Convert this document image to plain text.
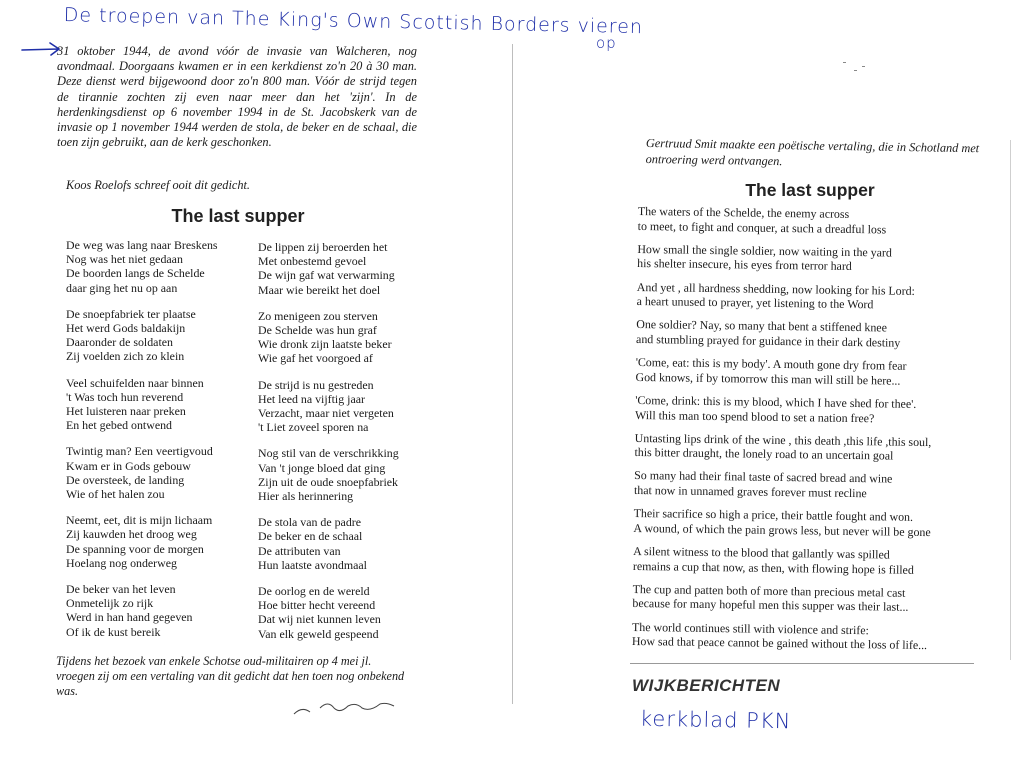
De troepen van The King's Own Scottish Borders vieren
op
kerkblad PKN

31 oktober 1944, de avond vóór de invasie van Walcheren, nog avondmaal. Doorgaans kwamen er in een kerkdienst zo'n 20 à 30 man. Deze dienst werd bijgewoond door zo'n 800 man. Vóór de strijd tegen de tirannie zochten zij even naar meer dan het 'zijn'. In de herdenkingsdienst op 6 november 1994 in de St. Jacobskerk van de invasie op 1 november 1944 werden de stola, de beker en de schaal, die toen zijn gebruikt, aan de kerk geschonken.

Koos Roelofs schreef ooit dit gedicht.

The last supper
De weg was lang naar Breskens
Nog was het niet gedaan
De boorden langs de Schelde
daar ging het nu op aan
De snoepfabriek ter plaatse
Het werd Gods baldakijn
Daaronder de soldaten
Zij voelden zich zo klein
Veel schuifelden naar binnen
't Was toch hun reverend
Het luisteren naar preken
En het gebed ontwend
Twintig man? Een veertigvoud
Kwam er in Gods gebouw
De oversteek, de landing
Wie of het halen zou
Neemt, eet, dit is mijn lichaam
Zij kauwden het droog weg
De spanning voor de morgen
Hoelang nog onderweg
De beker van het leven
Onmetelijk zo rijk
Werd in han hand gegeven
Of ik de kust bereik
De lippen zij beroerden het
Met onbestemd gevoel
De wijn gaf wat verwarming
Maar wie bereikt het doel
Zo menigeen zou sterven
De Schelde was hun graf
Wie dronk zijn laatste beker
Wie gaf het voorgoed af
De strijd is nu gestreden
Het leed na vijftig jaar
Verzacht, maar niet vergeten
't Liet zoveel sporen na
Nog stil van de verschrikking
Van 't jonge bloed dat ging
Zijn uit de oude snoepfabriek
Hier als herinnering
De stola van de padre
De beker en de schaal
De attributen van
Hun laatste avondmaal
De oorlog en de wereld
Hoe bitter hecht vereend
Dat wij niet kunnen leven
Van elk geweld gespeend

Tijdens het bezoek van enkele Schotse oud-militairen op 4 mei jl. vroegen zij om een vertaling van dit gedicht dat hen toen nog onbekend was.

Gertruud Smit maakte een poëtische vertaling, die in Schotland met ontroering werd ontvangen.

The last supper
The waters of the Schelde, the enemy across
to meet, to fight and conquer, at such a dreadful loss
How small the single soldier, now waiting in the yard
his shelter insecure, his eyes from terror hard
And yet , all hardness shedding, now looking for his Lord:
a heart unused to prayer, yet listening to the Word
One soldier? Nay, so many that bent a stiffened knee
and stumbling prayed for guidance in their dark destiny
'Come, eat: this is my body'. A mouth gone dry from fear
God knows, if by tomorrow this man will still be here...
'Come, drink: this is my blood, which I have shed for thee'.
Will this man too spend blood to set a nation free?
Untasting lips drink of the wine , this death ,this life ,this soul,
this bitter draught, the lonely road to an uncertain goal
So many had their final taste of sacred bread and wine
that now in unnamed graves forever must recline
Their sacrifice so high a price, their battle fought and won.
A wound, of which the pain grows less, but never will be gone
A silent witness to the blood that gallantly was spilled
remains a cup that now, as then, with flowing hope is filled
The cup and patten both of more than precious metal cast
because for many hopeful men this supper was their last...
The world continues still with violence and strife:
How sad that peace cannot be gained without the loss of life...

WIJKBERICHTEN
